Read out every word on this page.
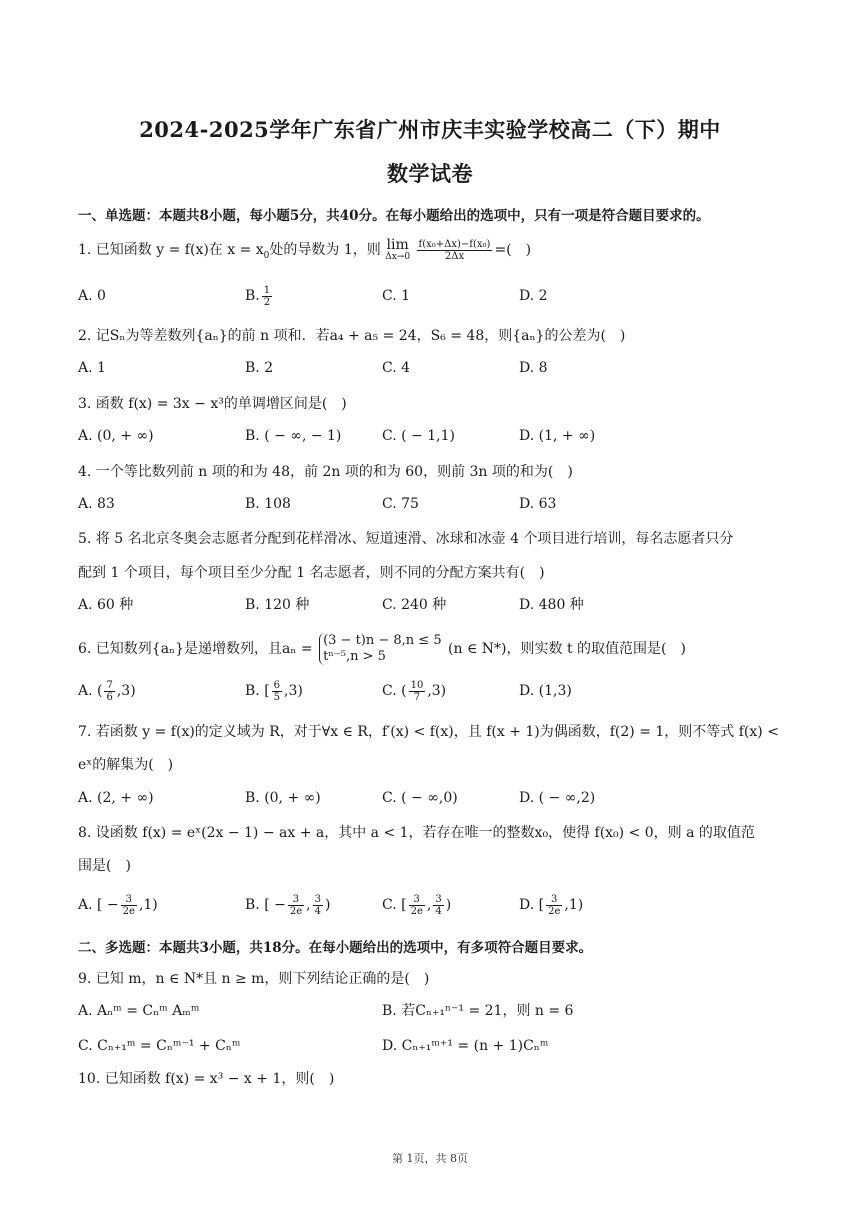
2024-2025学年广东省广州市庆丰实验学校高二（下）期中
数学试卷
一、单选题：本题共8小题，每小题5分，共40分。在每小题给出的选项中，只有一项是符合题目要求的。
1. 已知函数 y = f(x)在 $x = x_0$处的导数为 1，则 lim
Δx→0
$\frac{\text{f(x₀+Δx)−f(x₀)}}{2\Delta x}$ =(　)
A. 0	B. $\frac{1}{2}$	C. 1	D. 2
2. 记Sₙ为等差数列{aₙ}的前 n 项和．若a₄ + a₅ = 24，S₆ = 48，则{aₙ}的公差为(　)
A. 1	B. 2	C. 4	D. 8
3. 函数 f(x) = 3x − x³的单调增区间是(　)
A. (0, + ∞)	B. ( − ∞, − 1)	C. ( − 1,1)	D. (1, + ∞)
4. 一个等比数列前 n 项的和为 48，前 2n 项的和为 60，则前 3n 项的和为(　)
A. 83	B. 108	C. 75	D. 63
5. 将 5 名北京冬奥会志愿者分配到花样滑冰、短道速滑、冰球和冰壶 4 个项目进行培训，每名志愿者只分
配到 1 个项目，每个项目至少分配 1 名志愿者，则不同的分配方案共有(　)
A. 60 种	B. 120 种	C. 240 种	D. 480 种
6. 已知数列{aₙ}是递增数列，且aₙ =
(3 − t)n − 8,n ≤ 5
tⁿ⁻⁵,n > 5	(n ∈ N*)，则实数 t 的取值范围是(　)
A. ( $\frac{7}{6} ,3$)	B. [ $\frac{6}{5} ,3$)	C. ( $\frac{10}{7} ,3$)	D. (1,3)
7. 若函数 y = f(x)的定义域为 R，对于∀x ∈ R，f′(x) < f(x)，且 f(x + 1)为偶函数，f(2) = 1，则不等式 f(x) <
eˣ的解集为(　)
A. (2, + ∞)	B. (0, + ∞)	C. ( − ∞,0)	D. ( − ∞,2)
8. 设函数 f(x) = eˣ(2x − 1) − ax + a，其中 a < 1，若存在唯一的整数x₀，使得 f(x₀) < 0，则 a 的取值范
围是(　)
A. [ − $\frac{3}{2e} ,1$)	B. [ − $\frac{3}{2e}$ , $\frac{3}{4}$ )	C. [ $\frac{3}{2e}$ , $\frac{3}{4}$ )	D. [ $\frac{3}{2e} ,1$)
二、多选题：本题共3小题，共18分。在每小题给出的选项中，有多项符合题目要求。
9. 已知 m，n ∈ N*且 n ≥ m，则下列结论正确的是(　)
A. Aₙᵐ = Cₙᵐ Aₘᵐ	B. 若Cₙ₊₁ⁿ⁻¹ = 21，则 n = 6
C. Cₙ₊₁ᵐ = Cₙᵐ⁻¹ + Cₙᵐ	D. Cₙ₊₁ᵐ⁺¹ = (n + 1)Cₙᵐ
10. 已知函数 f(x) = x³ − x + 1，则(　)
第 1页，共 8页
